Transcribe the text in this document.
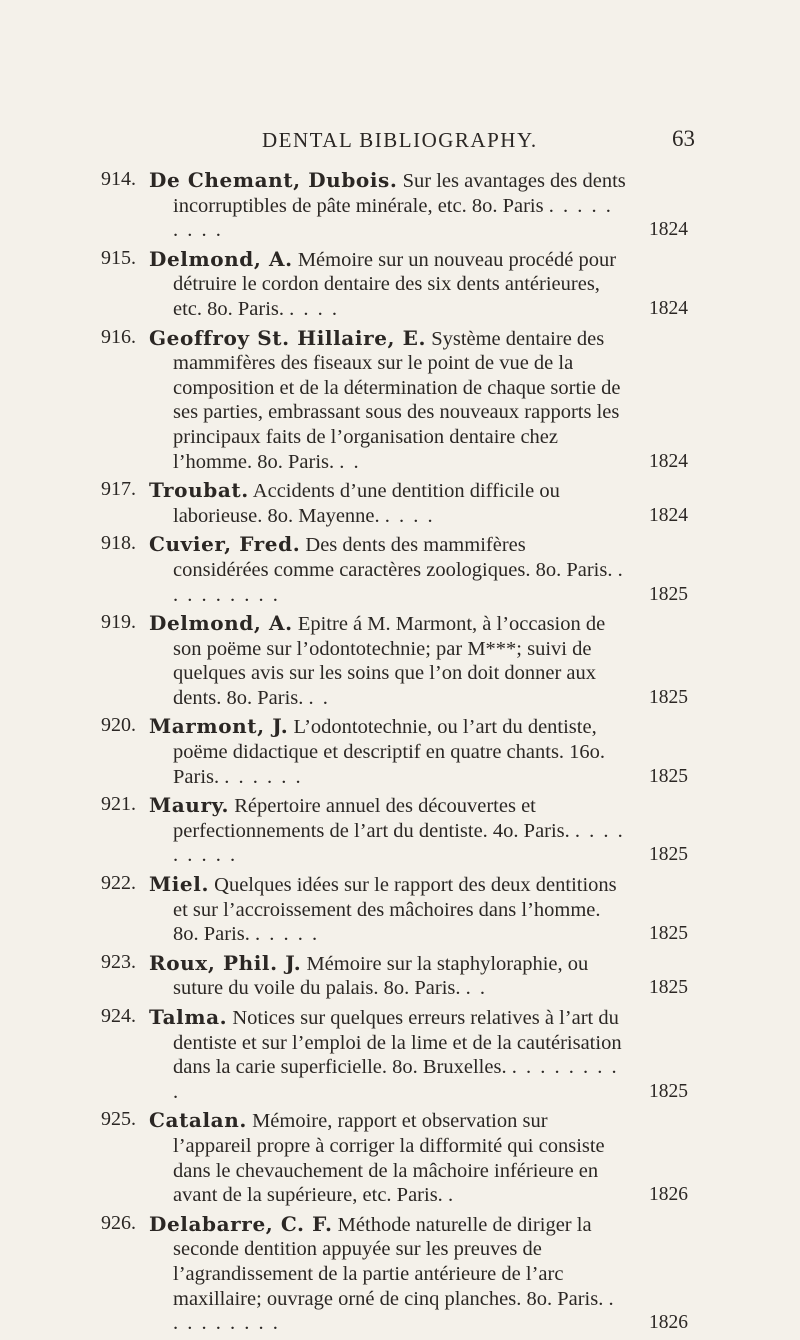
DENTAL BIBLIOGRAPHY.	63
914. De Chemant, Dubois. Sur les avantages des dents incorruptibles de pâte minérale, etc. 8o. Paris . . . . . . . . .	1824
915. Delmond, A. Mémoire sur un nouveau procédé pour détruire le cordon dentaire des six dents antérieures, etc. 8o. Paris. . . . .	1824
916. Geoffroy St. Hillaire, E. Système dentaire des mammifères des fiseaux sur le point de vue de la composition et de la détermination de chaque sortie de ses parties, embrassant sous des nouveaux rapports les principaux faits de l’organisation dentaire chez l’homme. 8o. Paris. . .	1824
917. Troubat. Accidents d’une dentition difficile ou laborieuse. 8o. Mayenne. . . . .	1824
918. Cuvier, Fred. Des dents des mammifères considérées comme caractères zoologiques. 8o. Paris. . . . . . . . . .	1825
919. Delmond, A. Epitre á M. Marmont, à l’occasion de son poëme sur l’odontotechnie; par M***; suivi de quelques avis sur les soins que l’on doit donner aux dents. 8o. Paris. . .	1825
920. Marmont, J. L’odontotechnie, ou l’art du dentiste, poëme didactique et descriptif en quatre chants. 16o. Paris. . . . . . .	1825
921. Maury. Répertoire annuel des découvertes et perfectionnements de l’art du dentiste. 4o. Paris. . . . . . . . . .	1825
922. Miel. Quelques idées sur le rapport des deux dentitions et sur l’accroissement des mâchoires dans l’homme. 8o. Paris. . . . . .	1825
923. Roux, Phil. J. Mémoire sur la staphyloraphie, ou suture du voile du palais. 8o. Paris. . .	1825
924. Talma. Notices sur quelques erreurs relatives à l’art du dentiste et sur l’emploi de la lime et de la cautérisation dans la carie superficielle. 8o. Bruxelles. . . . . . . . . .	1825
925. Catalan. Mémoire, rapport et observation sur l’appareil propre à corriger la difformité qui consiste dans le chevauchement de la mâchoire inférieure en avant de la supérieure, etc. Paris. .	1826
926. Delabarre, C. F. Méthode naturelle de diriger la seconde dentition appuyée sur les preuves de l’agrandissement de la partie antérieure de l’arc maxillaire; ouvrage orné de cinq planches. 8o. Paris. . . . . . . . . .	1826
